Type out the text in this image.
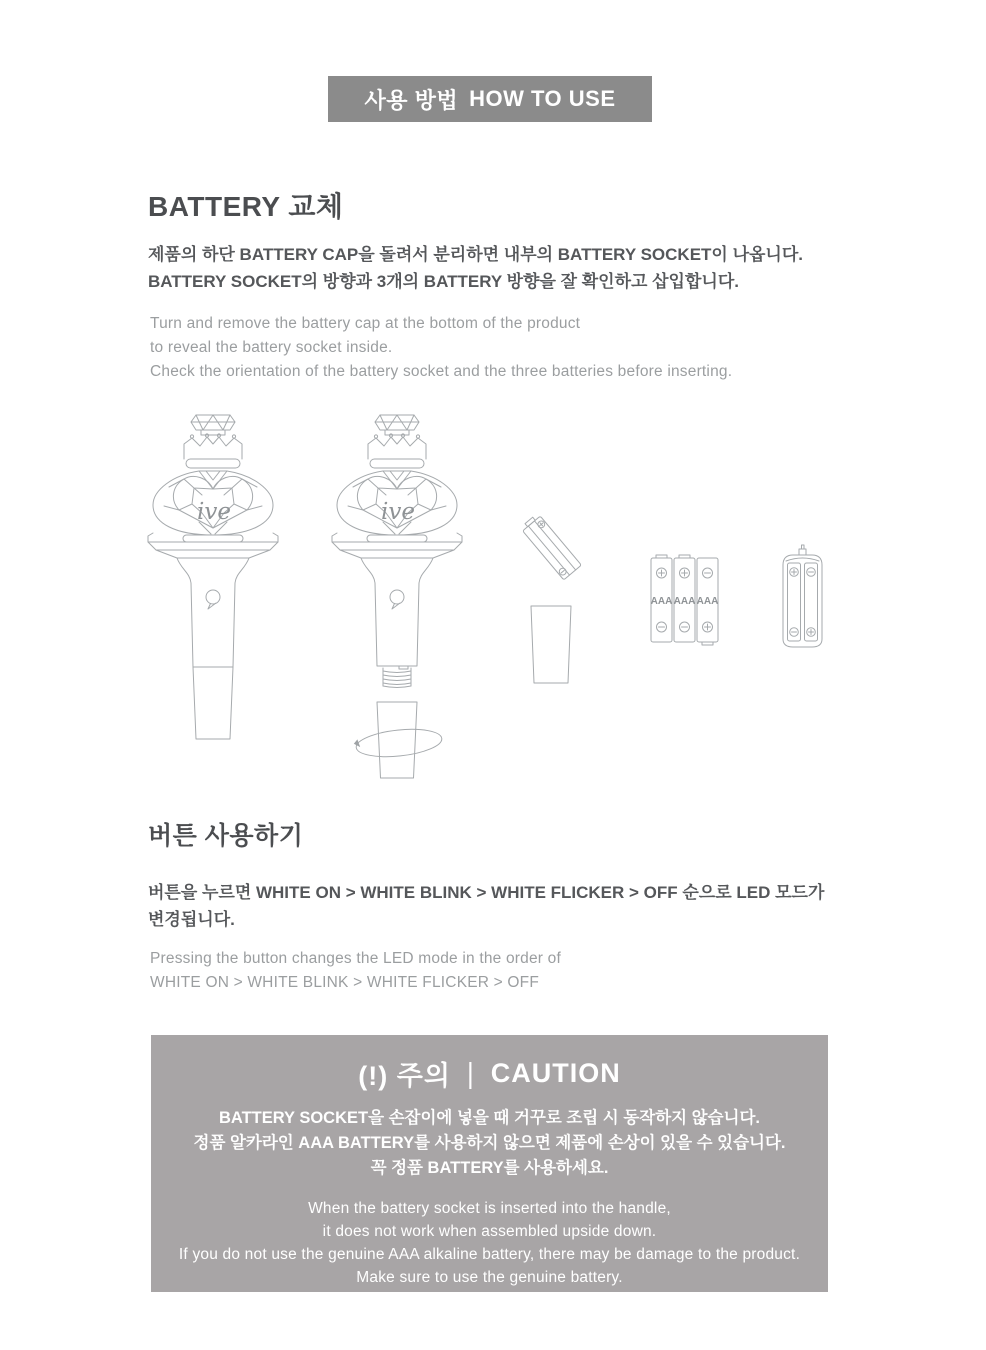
사용 방법 HOW TO USE
BATTERY 교체
제품의 하단 BATTERY CAP을 돌려서 분리하면 내부의 BATTERY SOCKET이 나옵니다.
BATTERY SOCKET의 방향과 3개의 BATTERY 방향을 잘 확인하고 삽입합니다.
Turn and remove the battery cap at the bottom of the product
to reveal the battery socket inside.
Check the orientation of the battery socket and the three batteries before inserting.
ive	ive
AAA AAA AAA
버튼 사용하기
버튼을 누르면 WHITE ON > WHITE BLINK > WHITE FLICKER > OFF 순으로 LED 모드가
변경됩니다.
Pressing the button changes the LED mode in the order of
WHITE ON > WHITE BLINK > WHITE FLICKER > OFF
(!) 주의 | CAUTION
BATTERY SOCKET을 손잡이에 넣을 때 거꾸로 조립 시 동작하지 않습니다.
정품 알카라인 AAA BATTERY를 사용하지 않으면 제품에 손상이 있을 수 있습니다.
꼭 정품 BATTERY를 사용하세요.
When the battery socket is inserted into the handle,
it does not work when assembled upside down.
If you do not use the genuine AAA alkaline battery, there may be damage to the product.
Make sure to use the genuine battery.
